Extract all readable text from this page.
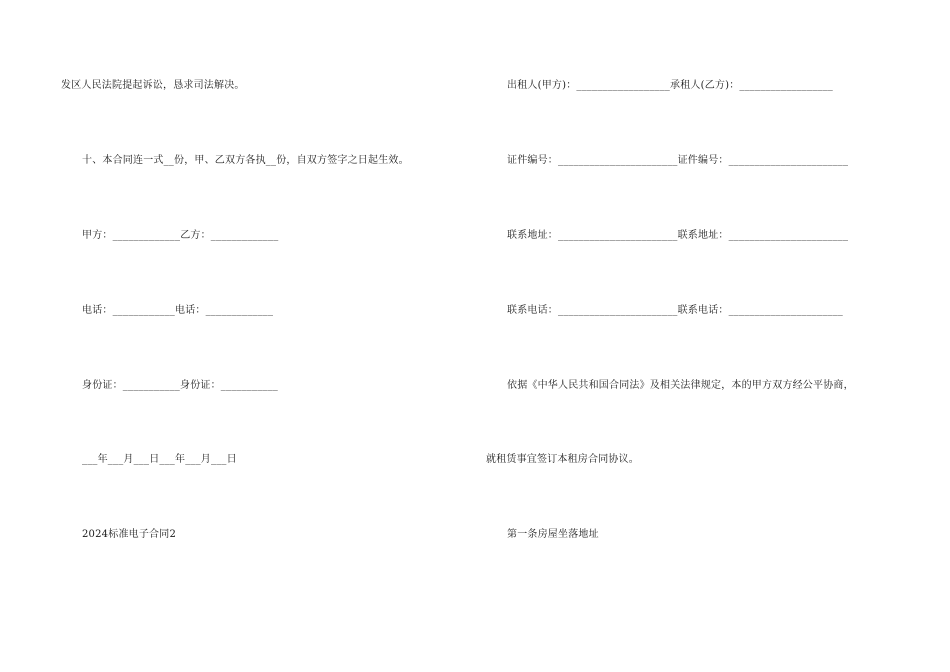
发区人民法院提起诉讼，恳求司法解决。
十、本合同连一式__份，甲、乙双方各执__份，自双方签字之日起生效。
甲方：_____________乙方：_____________
电话：____________电话：_____________
身份证：___________身份证：___________
___年___月___日___年___月___日
2024标准电子合同2
出租人(甲方)：__________________承租人(乙方)：__________________
证件编号：_______________________证件编号：_______________________
联系地址：_______________________联系地址：_______________________
联系电话：_______________________联系电话：______________________
依据《中华人民共和国合同法》及相关法律规定，本的甲方双方经公平协商，
就租赁事宜签订本租房合同协议。
第一条房屋坐落地址
